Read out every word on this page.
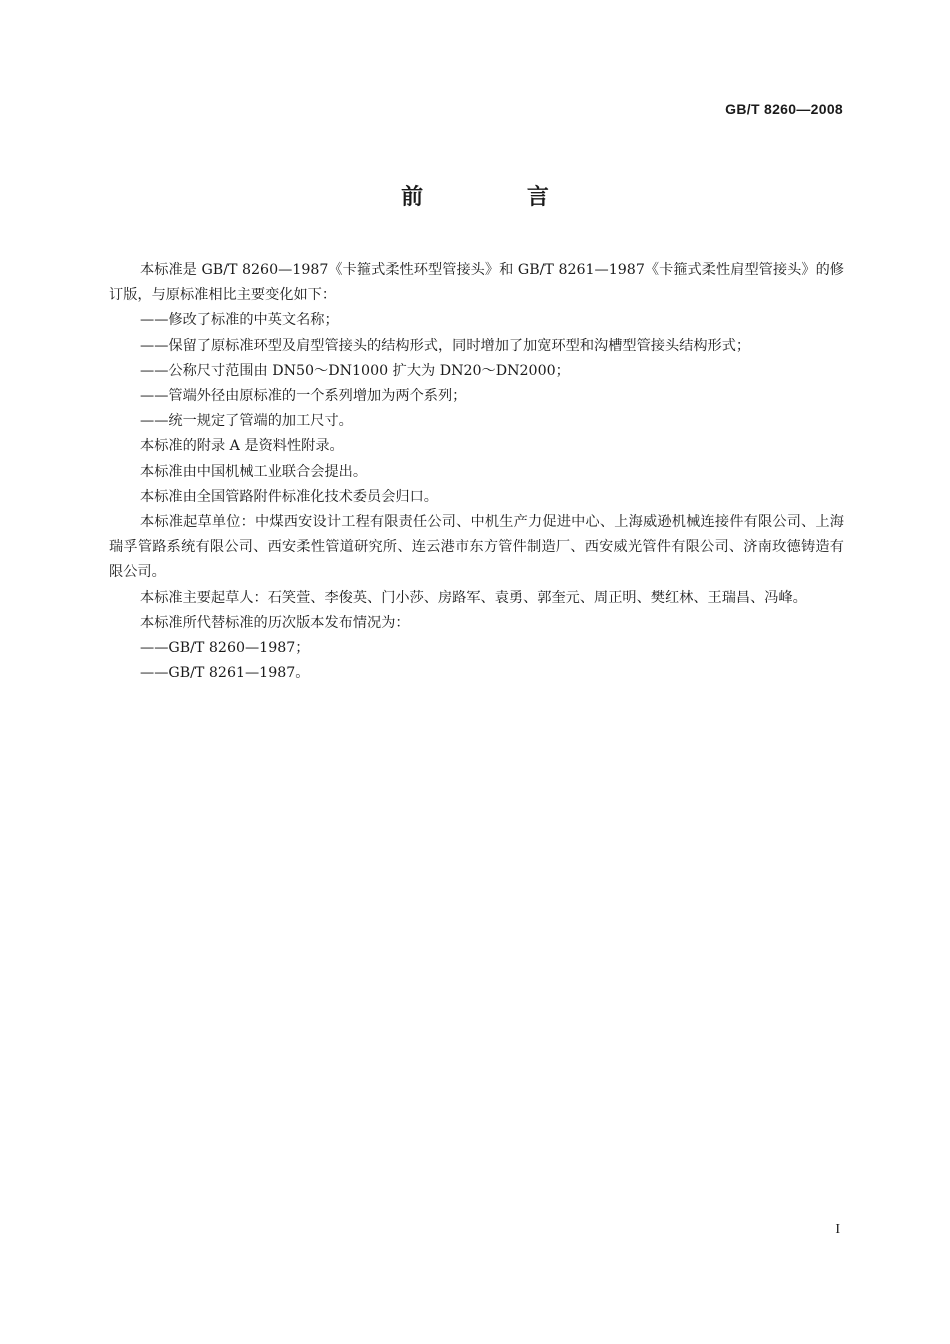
GB/T 8260—2008
前 言

本标准是 GB/T 8260—1987《卡箍式柔性环型管接头》和 GB/T 8261—1987《卡箍式柔性肩型管接头》的修订版，与原标准相比主要变化如下：

——修改了标准的中英文名称；

——保留了原标准环型及肩型管接头的结构形式，同时增加了加宽环型和沟槽型管接头结构形式；

——公称尺寸范围由 DN50～DN1000 扩大为 DN20～DN2000；

——管端外径由原标准的一个系列增加为两个系列；

——统一规定了管端的加工尺寸。

本标准的附录 A 是资料性附录。

本标准由中国机械工业联合会提出。

本标准由全国管路附件标准化技术委员会归口。

本标准起草单位：中煤西安设计工程有限责任公司、中机生产力促进中心、上海威逊机械连接件有限公司、上海瑞孚管路系统有限公司、西安柔性管道研究所、连云港市东方管件制造厂、西安威光管件有限公司、济南玫德铸造有限公司。

本标准主要起草人：石笑萱、李俊英、门小莎、房路军、袁勇、郭奎元、周正明、樊红林、王瑞昌、冯峰。

本标准所代替标准的历次版本发布情况为：

——GB/T 8260—1987；

——GB/T 8261—1987。

I
